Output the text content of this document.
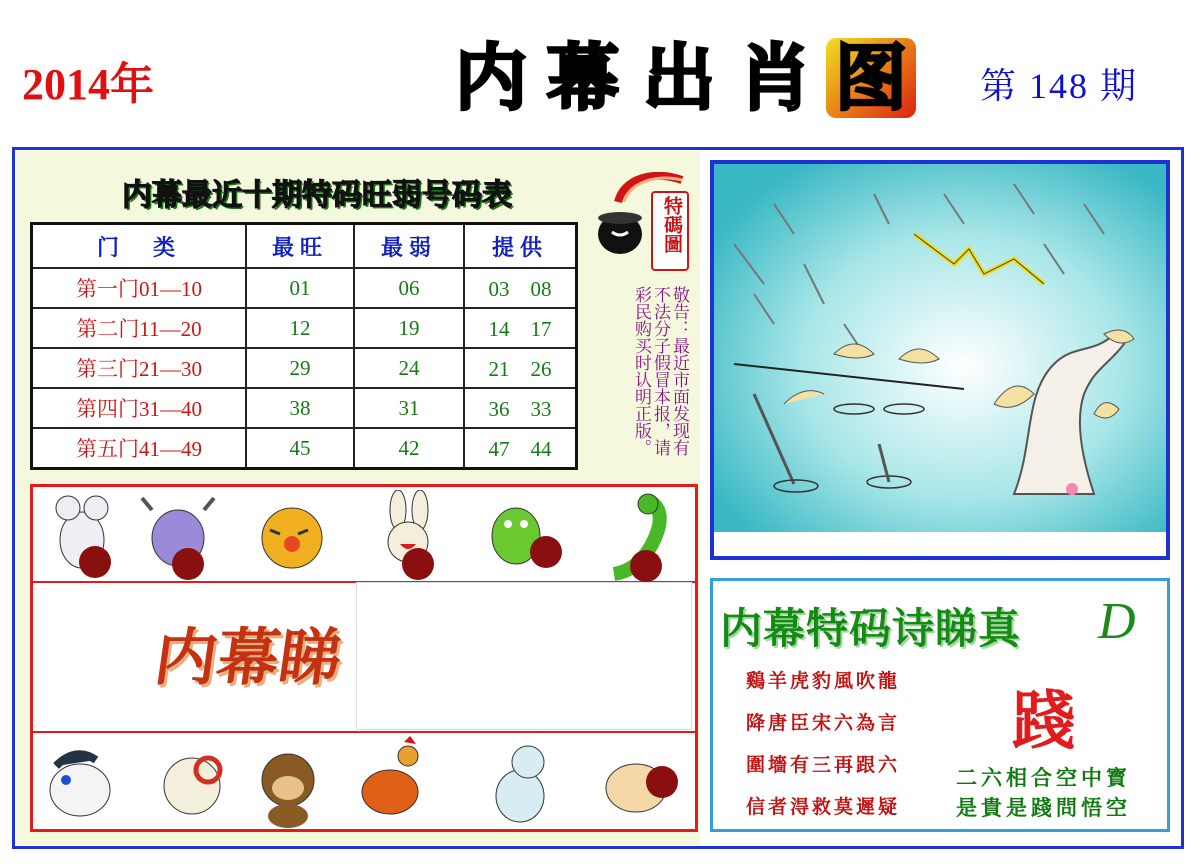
2014年	内 幕 出 肖 图 第 148 期
内幕最近十期特码旺弱号码表
门　类	最旺	最弱	提供
第一门01—10	01	06	03　08
第二门11—20	12	19	14　17
第三门21—30	29	24	21　26
第四门31—40	38	31	36　33
第五门41—49	45	42	47　44
特碼圖
敬告：最近市面发现有不法分子假冒本报，请彩民购买时认明正版。
内幕睇	内幕特码诗睇真 D
踐
鷄羊虎豹風吹龍
降唐臣宋六為言
圍墻有三再跟六
信者淂救莫遲疑
二六相合空中寳
是貴是踐問悟空
